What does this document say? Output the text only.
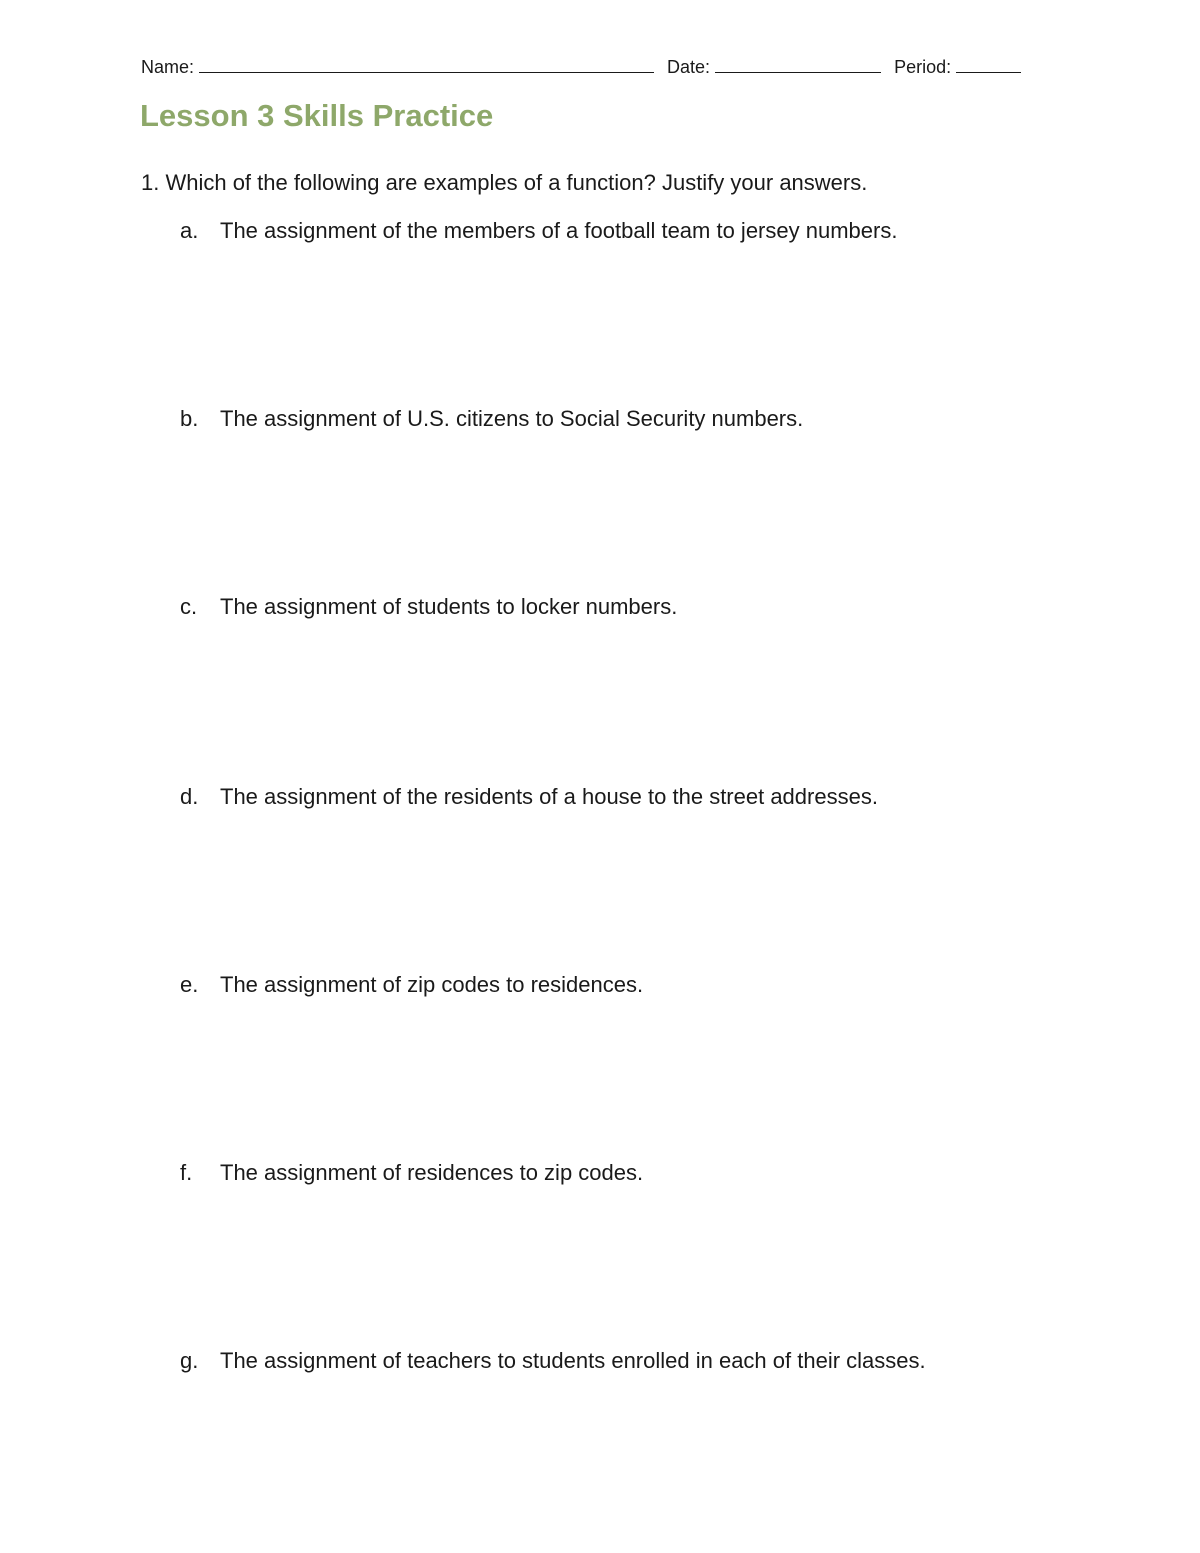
Name:	Date:	Period:
Lesson 3 Skills Practice
1. Which of the following are examples of a function? Justify your answers.
a. The assignment of the members of a football team to jersey numbers.
b. The assignment of U.S. citizens to Social Security numbers.
c. The assignment of students to locker numbers.
d. The assignment of the residents of a house to the street addresses.
e. The assignment of zip codes to residences.
f. The assignment of residences to zip codes.
g. The assignment of teachers to students enrolled in each of their classes.
